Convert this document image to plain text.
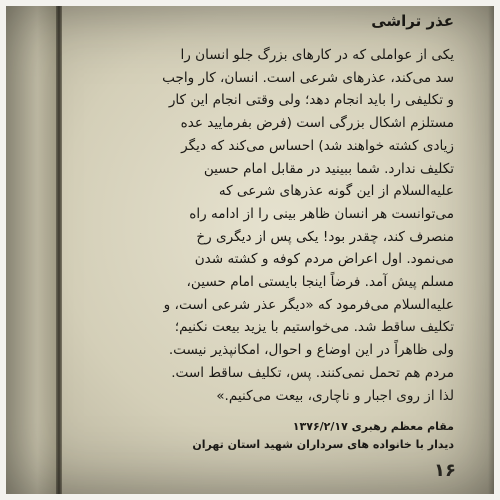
عذر تراشی
یکی از عواملی که در کارهای بزرگ جلو انسان را
سد می‌کند، عذرهای شرعی است. انسان، کار واجب
و تکلیفی را باید انجام دهد؛ ولی وقتی انجام این کار
مستلزم اشکال بزرگی است (فرض بفرمایید عده
زیادی کشته خواهند شد) احساس می‌کند که دیگر
تکلیف ندارد. شما ببینید در مقابل امام حسین
علیه‌السلام از این گونه عذرهای شرعی که
می‌توانست هر انسان ظاهر بینی را از ادامه راه
منصرف کند، چقدر بود! یکی پس از دیگری رخ
می‌نمود. اول اعراض مردم کوفه و کشته شدن
مسلم پیش آمد. فرضاً اینجا بایستی امام حسین،
علیه‌السلام می‌فرمود که «دیگر عذر شرعی است، و
تکلیف ساقط شد. می‌خواستیم با یزید بیعت نکنیم؛
ولی ظاهراً در این اوضاع و احوال، امکانپذیر نیست.
مردم هم تحمل نمی‌کنند. پس، تکلیف ساقط است.
لذا از روی اجبار و ناچاری، بیعت می‌کنیم.»
مقام معظم رهبری ۱۳۷۶/۲/۱۷
دیدار با خانواده های سرداران شهید استان تهران
۱۶
